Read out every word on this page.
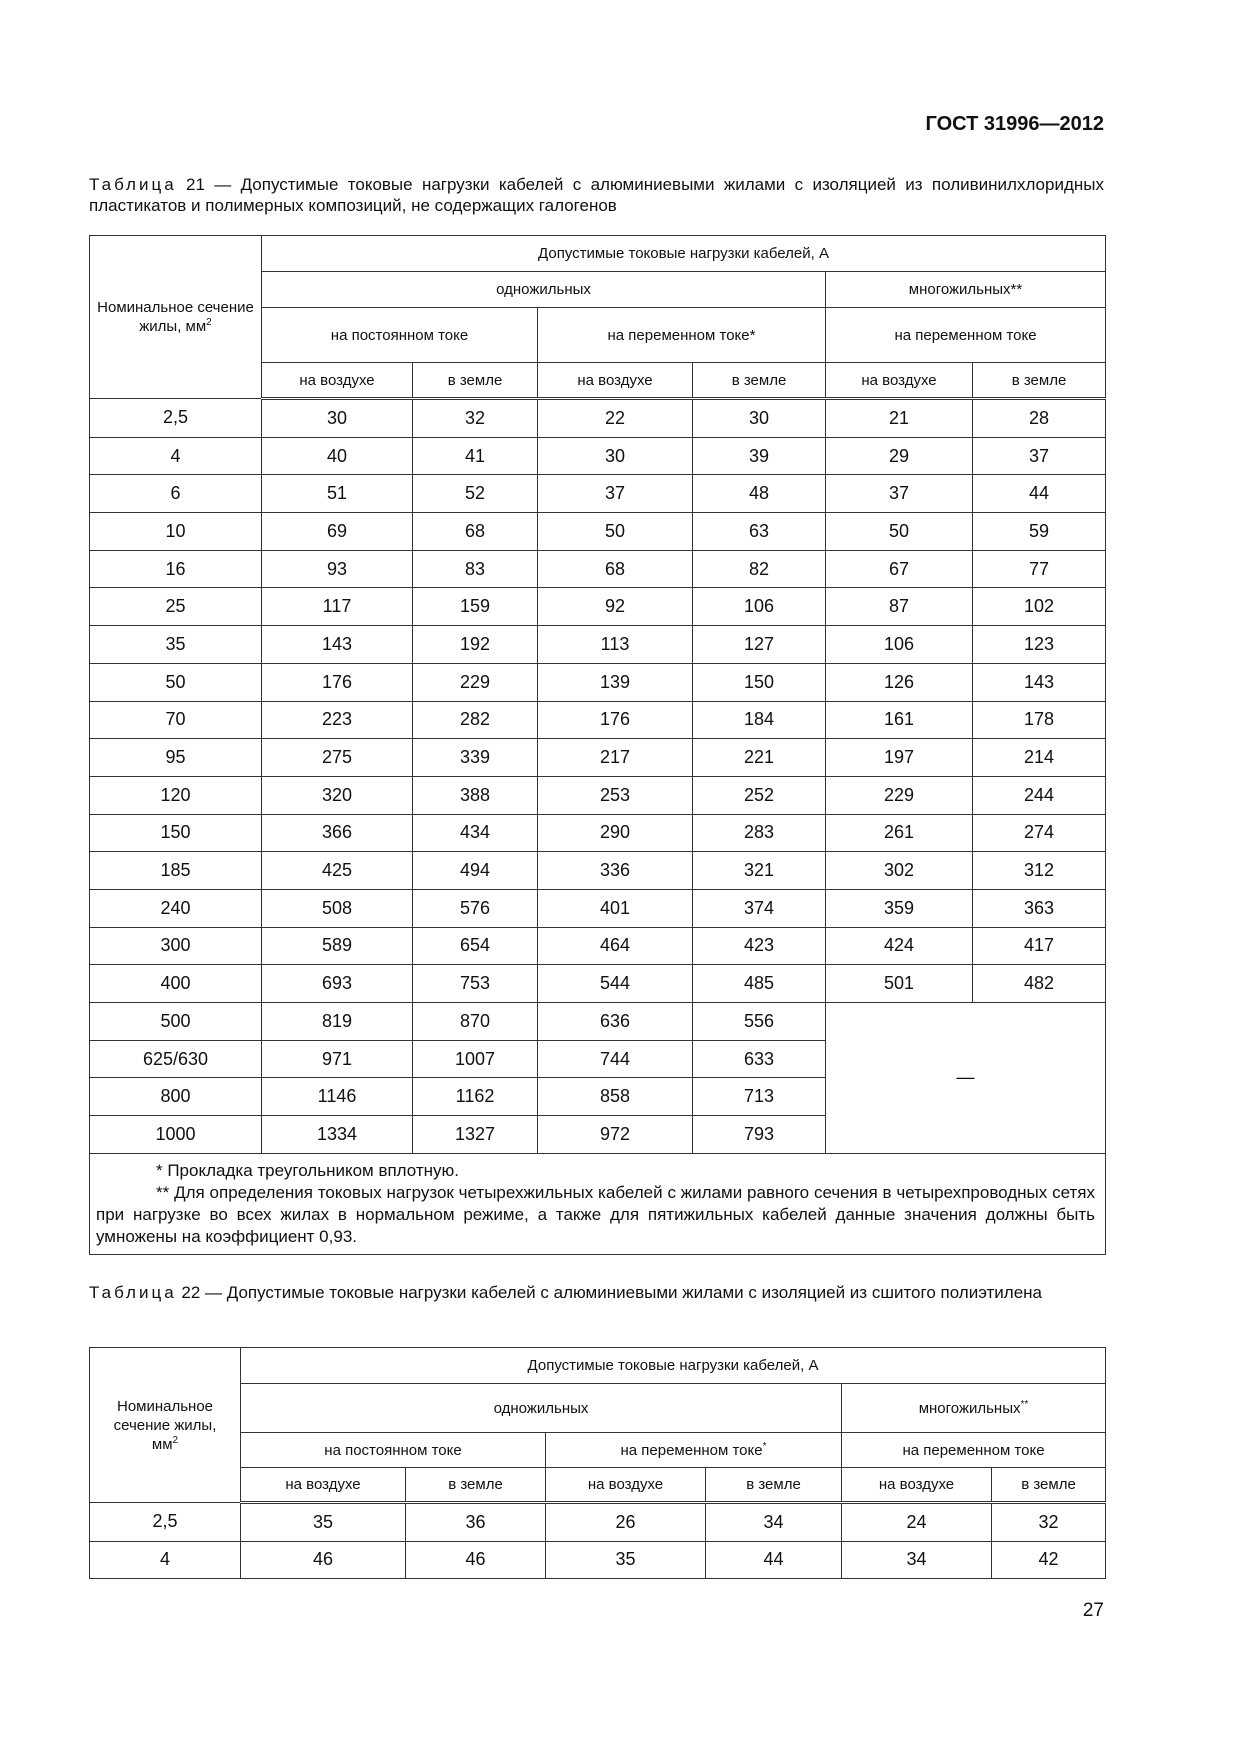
ГОСТ 31996—2012
Таблица 21 — Допустимые токовые нагрузки кабелей с алюминиевыми жилами с изоляцией из поливинилхлоридных пластикатов и полимерных композиций, не содержащих галогенов
Номинальное сечение жилы, $мм^2$	Допустимые токовые нагрузки кабелей, А					
	одножильных				многожильных**	
	на постоянном токе		на переменном токе*		на переменном токе	
	на воздухе	в земле	на воздухе	в земле	на воздухе	в земле
2,5	30	32	22	30	21	28
4	40	41	30	39	29	37
6	51	52	37	48	37	44
10	69	68	50	63	50	59
16	93	83	68	82	67	77
25	117	159	92	106	87	102
35	143	192	113	127	106	123
50	176	229	139	150	126	143
70	223	282	176	184	161	178
95	275	339	217	221	197	214
120	320	388	253	252	229	244
150	366	434	290	283	261	274
185	425	494	336	321	302	312
240	508	576	401	374	359	363
300	589	654	464	423	424	417
400	693	753	544	485	501	482
500	819	870	636	556	—	
625/630	971	1007	744	633		
800	1146	1162	858	713		
1000	1334	1327	972	793		

* Прокладка треугольником вплотную.

** Для определения токовых нагрузок четырехжильных кабелей с жилами равного сечения в четырехпроводных сетях при нагрузке во всех жилах в нормальном режиме, а также для пятижильных кабелей данные значения должны быть умножены на коэффициент 0,93.						

Таблица 22 — Допустимые токовые нагрузки кабелей с алюминиевыми жилами с изоляцией из сшитого полиэтилена
Номинальное сечение жилы, $мм^2$	Допустимые токовые нагрузки кабелей, А					
	одножильных				многожильных**
	на постоянном токе		на переменном токе*		на переменном токе	
	на воздухе	в земле	на воздухе	в земле	на воздухе	в земле
2,5	35	36	26	34	24	32
4	46	46	35	44	34	42
27
